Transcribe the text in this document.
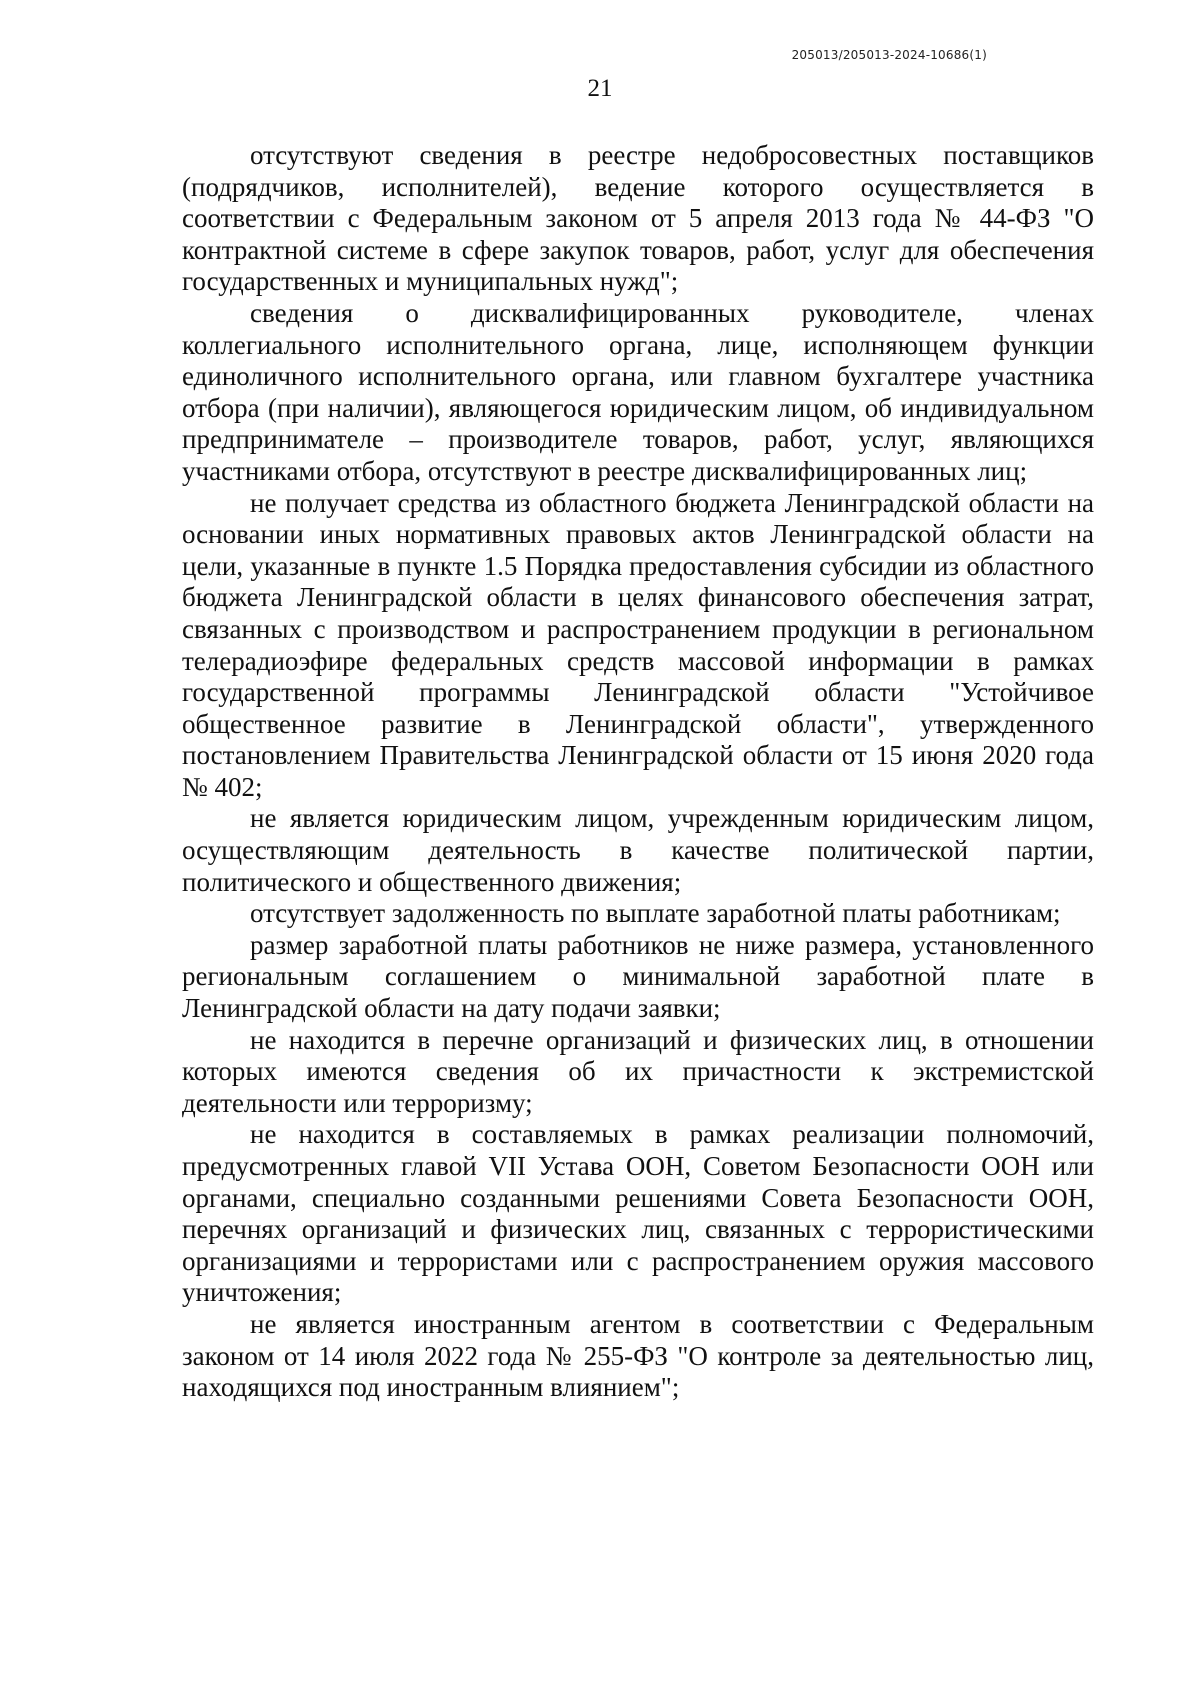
205013/205013-2024-10686(1)
21

отсутствуют сведения в реестре недобросовестных поставщиков (подрядчиков, исполнителей), ведение которого осуществляется в соответствии с Федеральным законом от 5 апреля 2013 года № 44-ФЗ "О контрактной системе в сфере закупок товаров, работ, услуг для обеспечения государственных и муниципальных нужд";

сведения о дисквалифицированных руководителе, членах коллегиального исполнительного органа, лице, исполняющем функции единоличного исполнительного органа, или главном бухгалтере участника отбора (при наличии), являющегося юридическим лицом, об индивидуальном предпринимателе – производителе товаров, работ, услуг, являющихся участниками отбора, отсутствуют в реестре дисквалифицированных лиц;

не получает средства из областного бюджета Ленинградской области на основании иных нормативных правовых актов Ленинградской области на цели, указанные в пункте 1.5 Порядка предоставления субсидии из областного бюджета Ленинградской области в целях финансового обеспечения затрат, связанных с производством и распространением продукции в региональном телерадиоэфире федеральных средств массовой информации в рамках государственной программы Ленинградской области "Устойчивое общественное развитие в Ленинградской области", утвержденного постановлением Правительства Ленинградской области от 15 июня 2020 года № 402;

не является юридическим лицом, учрежденным юридическим лицом, осуществляющим деятельность в качестве политической партии, политического и общественного движения;

отсутствует задолженность по выплате заработной платы работникам;

размер заработной платы работников не ниже размера, установленного региональным соглашением о минимальной заработной плате в Ленинградской области на дату подачи заявки;

не находится в перечне организаций и физических лиц, в отношении которых имеются сведения об их причастности к экстремистской деятельности или терроризму;

не находится в составляемых в рамках реализации полномочий, предусмотренных главой VII Устава ООН, Советом Безопасности ООН или органами, специально созданными решениями Совета Безопасности ООН, перечнях организаций и физических лиц, связанных с террористическими организациями и террористами или с распространением оружия массового уничтожения;

не является иностранным агентом в соответствии с Федеральным законом от 14 июля 2022 года № 255-ФЗ "О контроле за деятельностью лиц, находящихся под иностранным влиянием";
